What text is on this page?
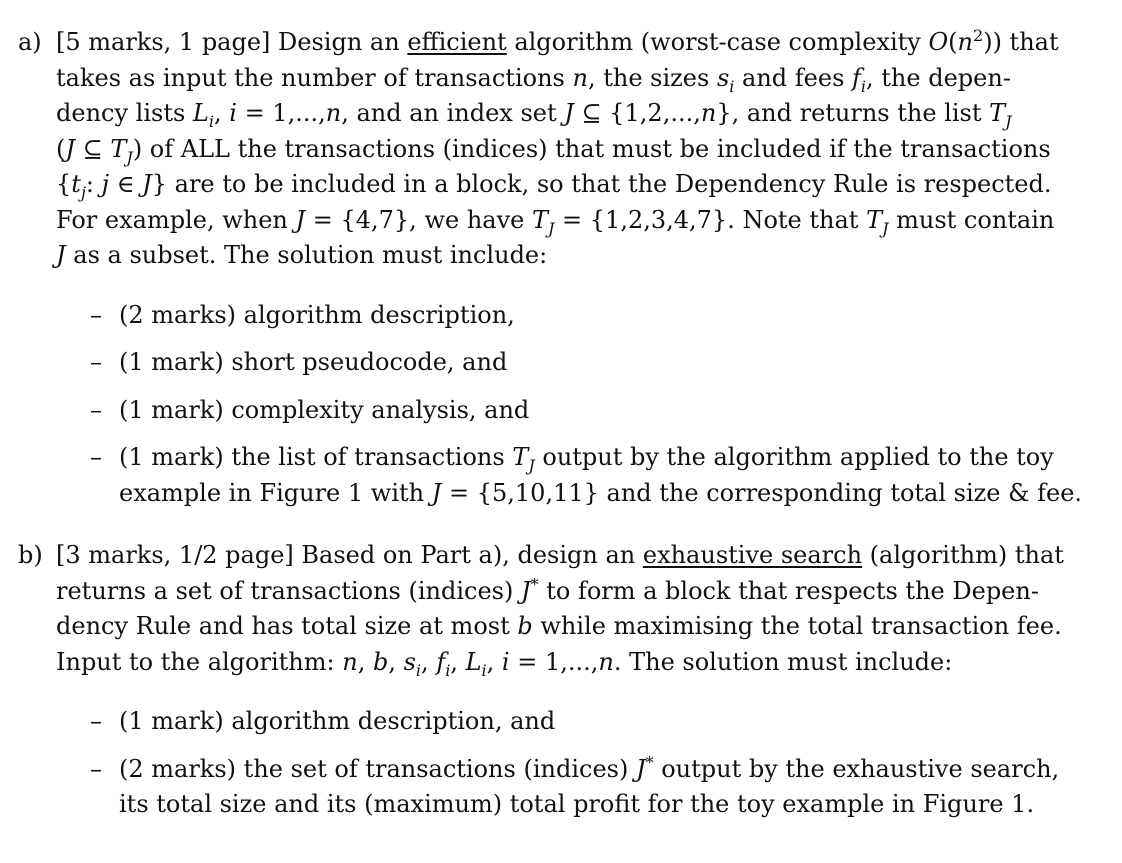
a) [5 marks, 1 page] Design an efficient algorithm (worst-case complexity $O(n^2)$) that
takes as input the number of transactions n, the sizes $s_i$ and fees $f_i$, the depen-
dency lists $L_i$, i = 1,...,n, and an index set J ⊆ {1,2,...,n}, and returns the list $T_J$
(J ⊆ $T_J$) of ALL the transactions (indices) that must be included if the transactions
{$t_j$: j ∈ J} are to be included in a block, so that the Dependency Rule is respected.
For example, when J = {4,7}, we have $T_J = \{1,2,3,4,7\}$. Note that $T_J$ must contain
J as a subset. The solution must include:
– (2 marks) algorithm description,
– (1 mark) short pseudocode, and
– (1 mark) complexity analysis, and
– (1 mark) the list of transactions $T_J$ output by the algorithm applied to the toy
example in Figure 1 with J = {5,10,11} and the corresponding total size & fee.
b) [3 marks, 1/2 page] Based on Part a), design an exhaustive search (algorithm) that
returns a set of transactions (indices) J* to form a block that respects the Depen-
dency Rule and has total size at most b while maximising the total transaction fee.
Input to the algorithm: n, b, $s_i$, $f_i$, $L_i$, i = 1,...,n. The solution must include:
– (1 mark) algorithm description, and
– (2 marks) the set of transactions (indices) J* output by the exhaustive search,
its total size and its (maximum) total profit for the toy example in Figure 1.
